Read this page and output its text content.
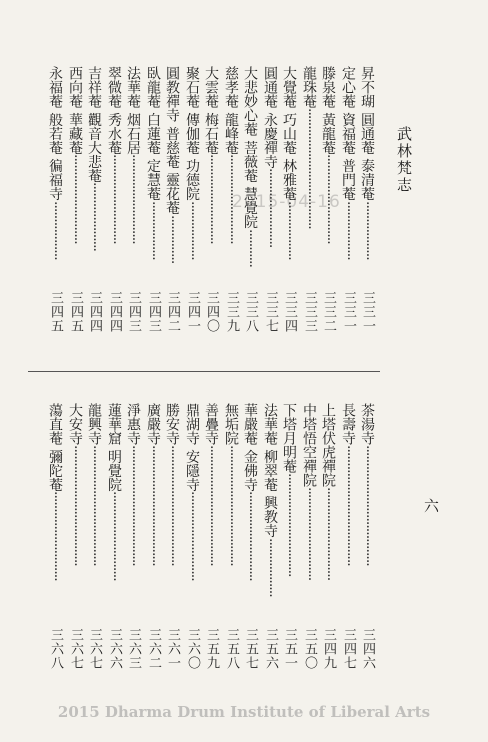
武林梵志
六
2015-04-16
昇不瑚 圓通菴 泰清菴·················
三三一
定心菴 資福菴 普門菴·················
三三一
滕泉菴 黃龍菴··························
三三二
龍珠菴···································
三三三
大覺菴 巧山菴 林雅菴·················
三三四
圓通菴 永慶禪寺·······················
三三七
大悲妙心菴 菩薇菴 慧覺院···········
三三八
慈孝菴 龍峰菴··························
三三九
大雲菴 梅石菴··························
三四〇
聚石菴 傳伽菴 功德院·················
三四一
圓教禪寺 普慈菴 靈花菴··············
三四二
臥龍菴 白蓮菴 定慧菴·················
三四三
法華菴 烟石居··························
三四三
翠微菴 秀水菴··························
三四四
吉祥菴 觀音大悲菴····················
三四四
西向菴 華藏菴··························
三四五
永福菴 般若菴 徧福寺·················
三四五
茶湯寺···································
三四六
長壽寺···································
三四七
上塔伏虎禪院···························
三四九
中塔悟空禪院···························
三五〇
下塔月明菴······························
三五一
法華菴 柳翠菴 興教寺·················
三五六
華嚴菴 金佛寺··························
三五七
無垢院···································
三五八
善疊寺···································
三五九
鼎湖寺 安隱寺··························
三六〇
勝安寺···································
三六一
廣嚴寺···································
三六二
淨惠寺···································
三六三
蓮華窟 明覺院··························
三六六
龍興寺···································
三六七
大安寺···································
三六七
蕩直菴 彌陀菴··························
三六八
2015 Dharma Drum Institute of Liberal Arts
